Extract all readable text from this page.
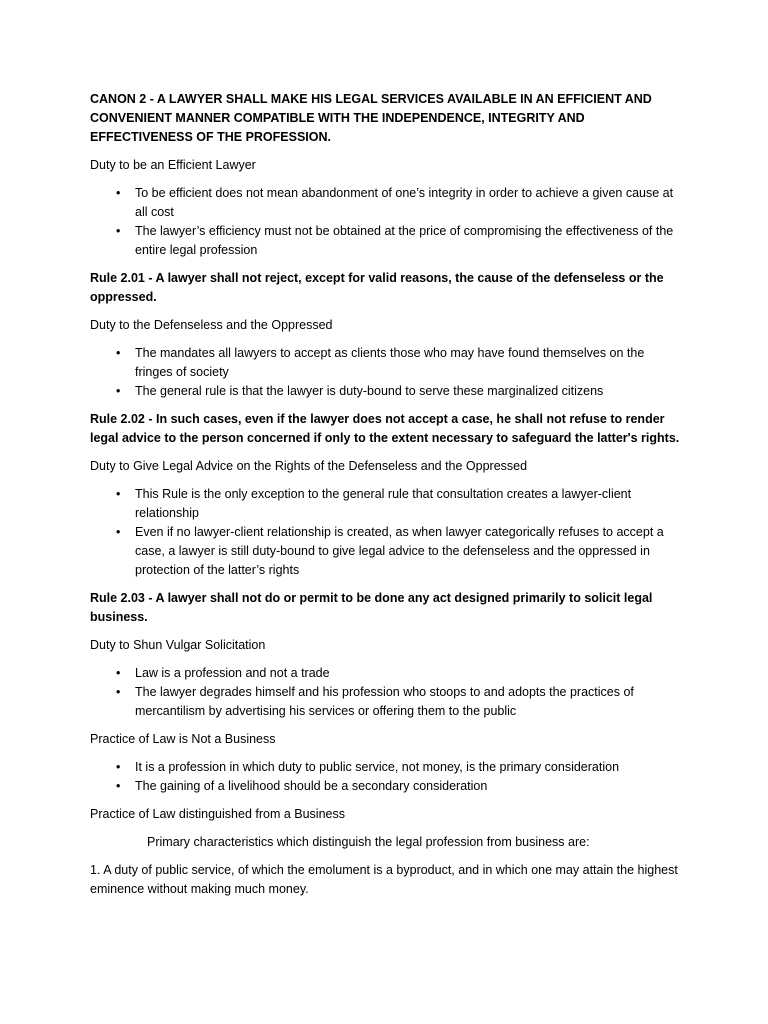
CANON 2 - A LAWYER SHALL MAKE HIS LEGAL SERVICES AVAILABLE IN AN EFFICIENT AND CONVENIENT MANNER COMPATIBLE WITH THE INDEPENDENCE, INTEGRITY AND EFFECTIVENESS OF THE PROFESSION.

Duty to be an Efficient Lawyer

• To be efficient does not mean abandonment of one’s integrity in order to achieve a given cause at all cost
• The lawyer’s efficiency must not be obtained at the price of compromising the effectiveness of the entire legal profession

Rule 2.01 - A lawyer shall not reject, except for valid reasons, the cause of the defenseless or the oppressed.

Duty to the Defenseless and the Oppressed

• The mandates all lawyers to accept as clients those who may have found themselves on the fringes of society
• The general rule is that the lawyer is duty-bound to serve these marginalized citizens

Rule 2.02 - In such cases, even if the lawyer does not accept a case, he shall not refuse to render legal advice to the person concerned if only to the extent necessary to safeguard the latter's rights.

Duty to Give Legal Advice on the Rights of the Defenseless and the Oppressed

• This Rule is the only exception to the general rule that consultation creates a lawyer-client relationship
• Even if no lawyer-client relationship is created, as when lawyer categorically refuses to accept a case, a lawyer is still duty-bound to give legal advice to the defenseless and the oppressed in protection of the latter’s rights

Rule 2.03 - A lawyer shall not do or permit to be done any act designed primarily to solicit legal business.

Duty to Shun Vulgar Solicitation

• Law is a profession and not a trade
• The lawyer degrades himself and his profession who stoops to and adopts the practices of mercantilism by advertising his services or offering them to the public

Practice of Law is Not a Business

• It is a profession in which duty to public service, not money, is the primary consideration
• The gaining of a livelihood should be a secondary consideration

Practice of Law distinguished from a Business

Primary characteristics which distinguish the legal profession from business are:

1. A duty of public service, of which the emolument is a byproduct, and in which one may attain the highest eminence without making much money.
